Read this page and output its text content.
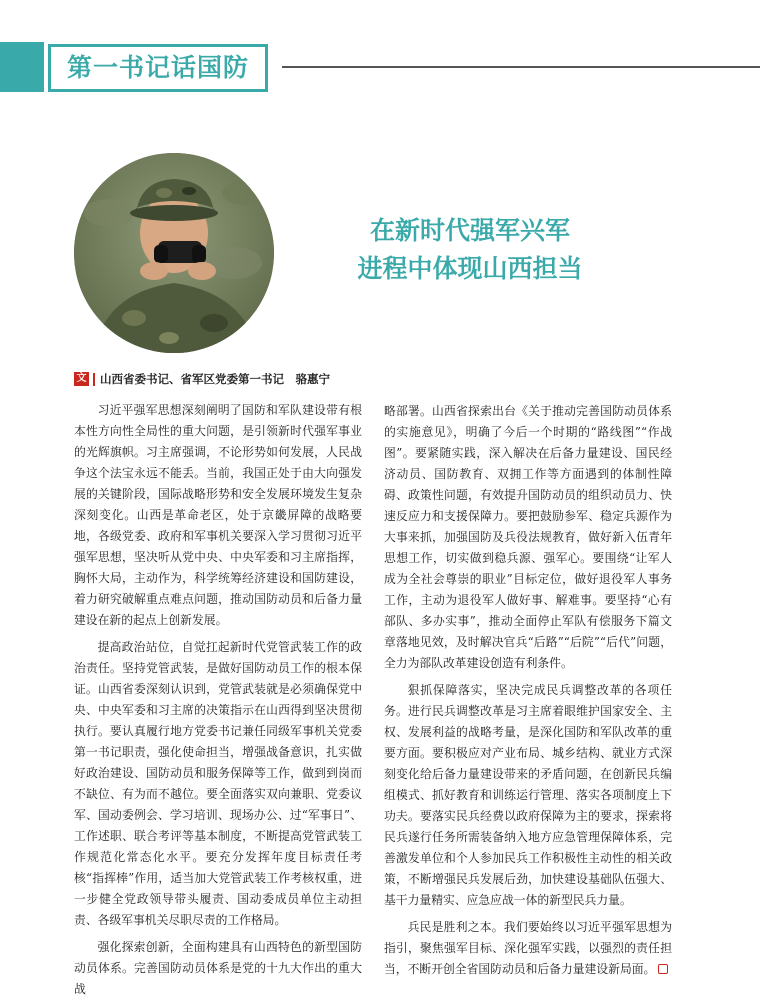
第一书记话国防
在新时代强军兴军
进程中体现山西担当
文 山西省委书记、省军区党委第一书记　骆惠宁

习近平强军思想深刻阐明了国防和军队建设带有根本性方向性全局性的重大问题，是引领新时代强军事业的光辉旗帜。习主席强调，不论形势如何发展，人民战争这个法宝永远不能丢。当前，我国正处于由大向强发展的关键阶段，国际战略形势和安全发展环境发生复杂深刻变化。山西是革命老区，处于京畿屏障的战略要地，各级党委、政府和军事机关要深入学习贯彻习近平强军思想，坚决听从党中央、中央军委和习主席指挥，胸怀大局，主动作为，科学统筹经济建设和国防建设，着力研究破解重点难点问题，推动国防动员和后备力量建设在新的起点上创新发展。

提高政治站位，自觉扛起新时代党管武装工作的政治责任。坚持党管武装，是做好国防动员工作的根本保证。山西省委深刻认识到，党管武装就是必须确保党中央、中央军委和习主席的决策指示在山西得到坚决贯彻执行。要认真履行地方党委书记兼任同级军事机关党委第一书记职责，强化使命担当，增强战备意识，扎实做好政治建设、国防动员和服务保障等工作，做到到岗而不缺位、有为而不越位。要全面落实双向兼职、党委议军、国动委例会、学习培训、现场办公、过“军事日”、工作述职、联合考评等基本制度，不断提高党管武装工作规范化常态化水平。要充分发挥年度目标责任考核“指挥棒”作用，适当加大党管武装工作考核权重，进一步健全党政领导带头履责、国动委成员单位主动担责、各级军事机关尽职尽责的工作格局。

强化探索创新，全面构建具有山西特色的新型国防动员体系。完善国防动员体系是党的十九大作出的重大战

略部署。山西省探索出台《关于推动完善国防动员体系的实施意见》，明确了今后一个时期的“路线图”“作战图”。要紧随实践，深入解决在后备力量建设、国民经济动员、国防教育、双拥工作等方面遇到的体制性障碍、政策性问题，有效提升国防动员的组织动员力、快速反应力和支援保障力。要把鼓励参军、稳定兵源作为大事来抓，加强国防及兵役法规教育，做好新入伍青年思想工作，切实做到稳兵源、强军心。要围绕“让军人成为全社会尊崇的职业”目标定位，做好退役军人事务工作，主动为退役军人做好事、解难事。要坚持“心有部队、多办实事”，推动全面停止军队有偿服务下篇文章落地见效，及时解决官兵“后路”“后院”“后代”问题，全力为部队改革建设创造有利条件。

狠抓保障落实，坚决完成民兵调整改革的各项任务。进行民兵调整改革是习主席着眼维护国家安全、主权、发展利益的战略考量，是深化国防和军队改革的重要方面。要积极应对产业布局、城乡结构、就业方式深刻变化给后备力量建设带来的矛盾问题，在创新民兵编组模式、抓好教育和训练运行管理、落实各项制度上下功夫。要落实民兵经费以政府保障为主的要求，探索将民兵遂行任务所需装备纳入地方应急管理保障体系，完善激发单位和个人参加民兵工作积极性主动性的相关政策，不断增强民兵发展后劲，加快建设基础队伍强大、基干力量精实、应急应战一体的新型民兵力量。

兵民是胜利之本。我们要始终以习近平强军思想为指引，聚焦强军目标、深化强军实践，以强烈的责任担当，不断开创全省国防动员和后备力量建设新局面。
